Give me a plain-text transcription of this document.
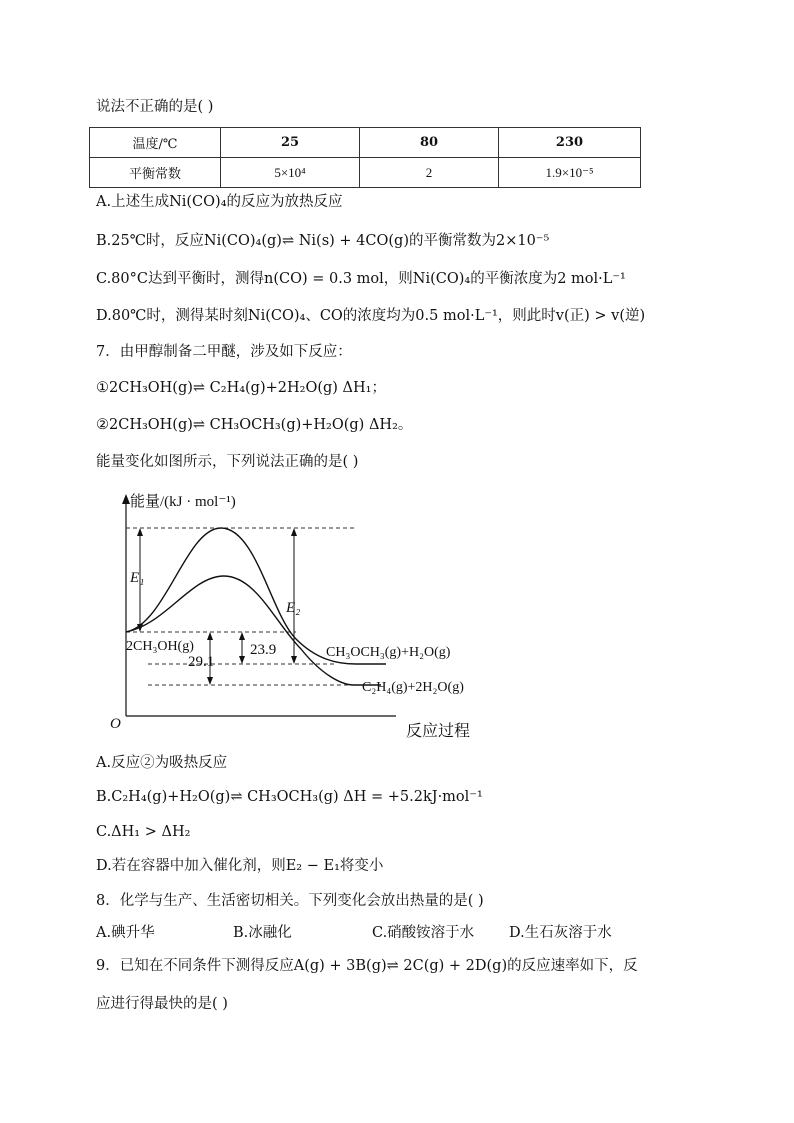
说法不正确的是( )
温度/℃	25	80	230
平衡常数	5×10⁴	2	1.9×10⁻⁵
A.上述生成Ni(CO)₄的反应为放热反应
B.25℃时，反应Ni(CO)₄(g)⇌ Ni(s) + 4CO(g)的平衡常数为2×10⁻⁵
C.80°C达到平衡时，测得n(CO) = 0.3 mol，则Ni(CO)₄的平衡浓度为2 mol·L⁻¹
D.80℃时，测得某时刻Ni(CO)₄、CO的浓度均为0.5 mol·L⁻¹，则此时v(正) > v(逆)
7．由甲醇制备二甲醚，涉及如下反应：
①2CH₃OH(g)⇌ C₂H₄(g)+2H₂O(g) ΔH₁；
②2CH₃OH(g)⇌ CH₃OCH₃(g)+H₂O(g) ΔH₂。
能量变化如图所示，下列说法正确的是( )
能量/(kJ · mol⁻¹)
O	反应过程
E₁
E₂
23.9
29.1
2CH₃OH(g)	CH₃OCH₃(g)+H₂O(g)
C₂H₄(g)+2H₂O(g)
A.反应②为吸热反应
B.C₂H₄(g)+H₂O(g)⇌ CH₃OCH₃(g) ΔH = +5.2kJ·mol⁻¹
C.ΔH₁ > ΔH₂
D.若在容器中加入催化剂，则E₂ − E₁将变小
8．化学与生产、生活密切相关。下列变化会放出热量的是( )
A.碘升华	B.冰融化	C.硝酸铵溶于水 D.生石灰溶于水
9．已知在不同条件下测得反应A(g) + 3B(g)⇌ 2C(g) + 2D(g)的反应速率如下，反
应进行得最快的是( )
